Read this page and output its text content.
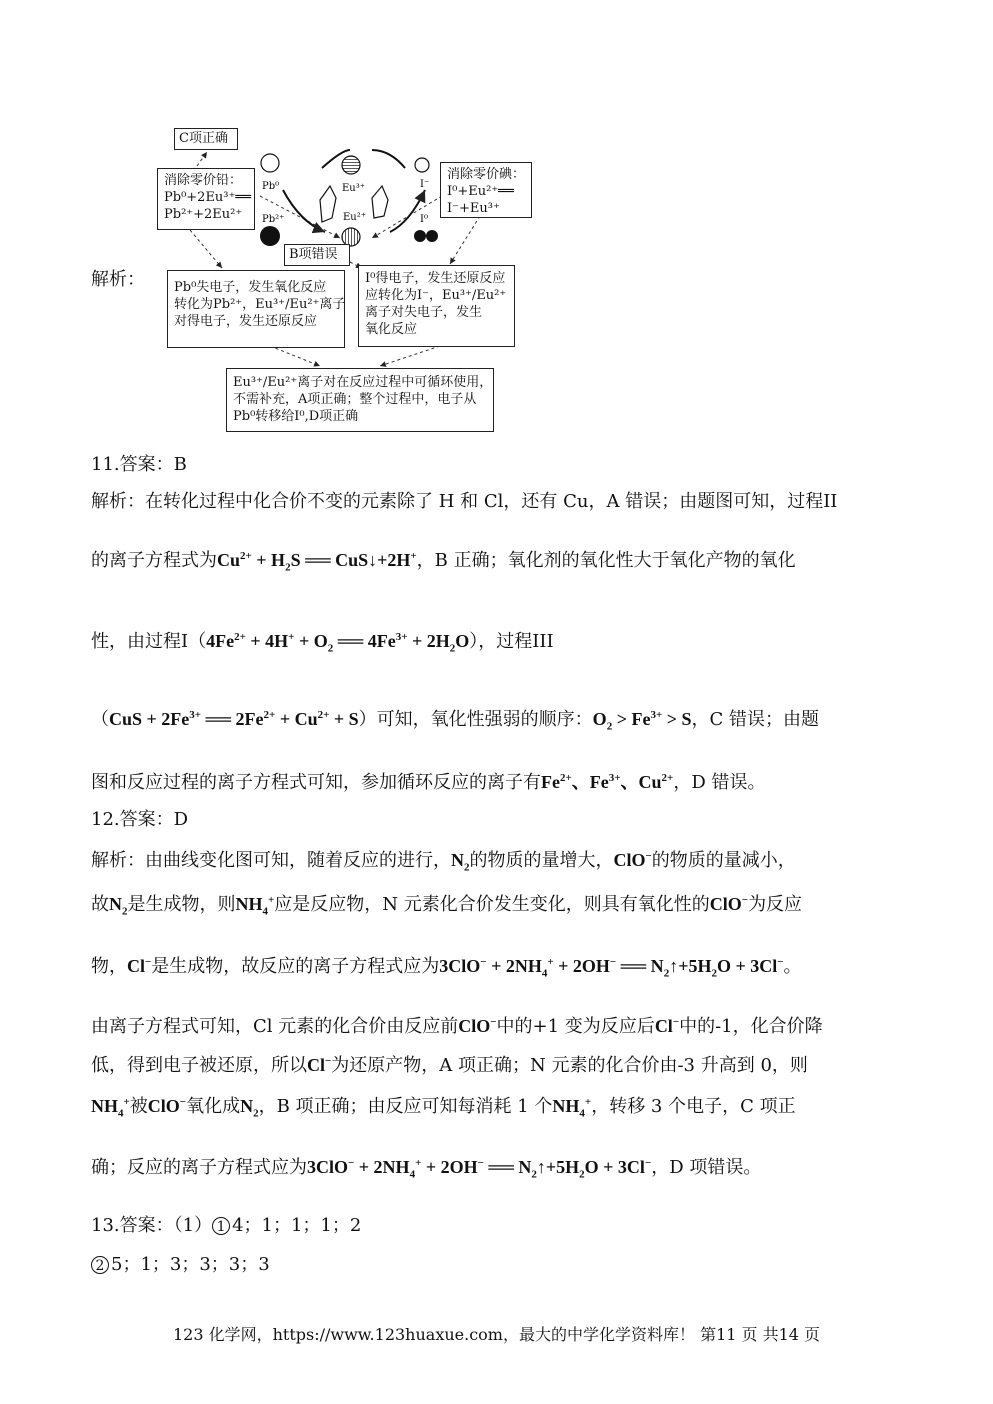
解析：
Pb⁰
Pb²⁺
Eu³⁺
Eu²⁺
I⁻
I⁰
C项正确
消除零价铅：
Pb⁰+2Eu³⁺══
Pb²⁺+2Eu²⁺
消除零价碘：
I⁰+Eu²⁺══
I⁻+Eu³⁺
B项错误
Pb⁰失电子，发生氧化反应
转化为Pb²⁺，Eu³⁺/Eu²⁺离子
对得电子，发生还原反应
I⁰得电子，发生还原反应
应转化为I⁻，Eu³⁺/Eu²⁺
离子对失电子，发生
氧化反应
Eu³⁺/Eu²⁺离子对在反应过程中可循环使用，
不需补充，A项正确；整个过程中，电子从
Pb⁰转移给I⁰,D项正确
11.答案：B
解析：在转化过程中化合价不变的元素除了 H 和 Cl，还有 Cu，A 错误；由题图可知，过程II
的离子方程式为$Cu^{2+} + H_2S$ ══ CuS↓+2H+，B 正确；氧化剂的氧化性大于氧化产物的氧化
性，由过程$I(4Fe^{2+} + 4H^+ + O_2$ ══ $4Fe^{3+} + 2H_2O$），过程III
（$CuS + 2Fe^{3+}$ ══ $2Fe^{2+} + Cu^{2+} + S$）可知，氧化性强弱的顺序：$O_2 > Fe^{3+} > S$，C 错误；由题
图和反应过程的离子方程式可知，参加循环反应的离子有$Fe^{2+}$、$Fe^{3+}$、$Cu^{2+}$，D 错误。
12.答案：D
解析：由曲线变化图可知，随着反应的进行，$N_2$的物质的量增大，ClO−的物质的量减小，
故$N_2$是生成物，则$NH_4^+$应是反应物，N 元素化合价发生变化，则具有氧化性的ClO−为反应
物，Cl−是生成物，故反应的离子方程式应为$3ClO^- + 2NH_4^+ + 2OH^-$ ══ $N_2↑+5H_2O + 3Cl^-$。
由离子方程式可知，Cl 元素的化合价由反应前ClO−中的+1 变为反应后Cl−中的-1，化合价降
低，得到电子被还原，所以Cl−为还原产物，A 项正确；N 元素的化合价由-3 升高到 0，则
$NH_4^+$被ClO−氧化成$N_2$，B 项正确；由反应可知每消耗 1 个$NH_4^+$，转移 3 个电子，C 项正
确；反应的离子方程式应为$3ClO^- + 2NH_4^+ + 2OH^-$ ══ $N_2↑+5H_2O + 3Cl^-$，D 项错误。
13.答案：（1） 1 4；1；1；1；2
2 5；1；3；3；3；3
123 化学网，https://www.123huaxue.com，最大的中学化学资料库！ 第11 页 共14 页
